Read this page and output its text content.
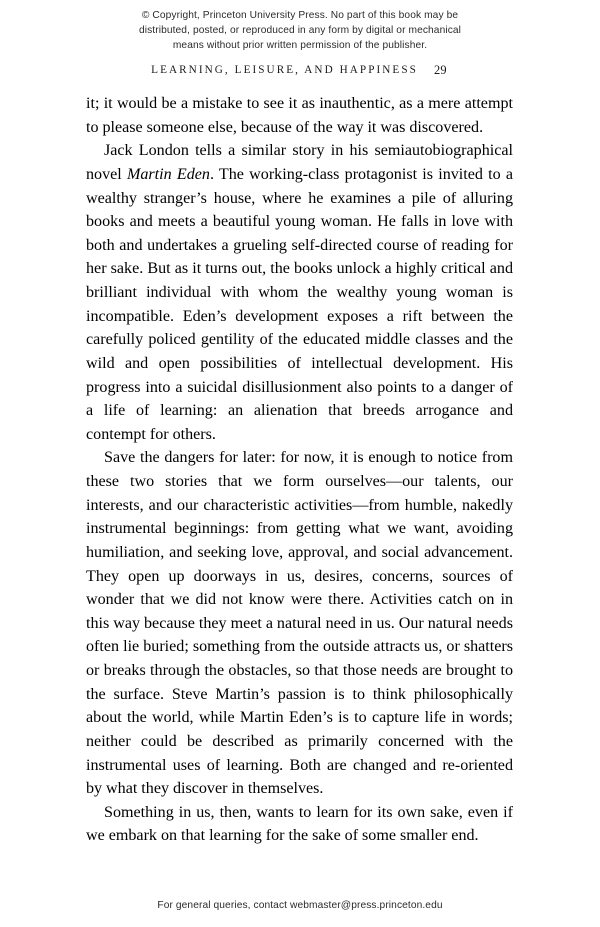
© Copyright, Princeton University Press. No part of this book may be
distributed, posted, or reproduced in any form by digital or mechanical
means without prior written permission of the publisher.
LEARNING, LEISURE, AND HAPPINESS 29

it; it would be a mistake to see it as inauthentic, as a mere attempt to please someone else, because of the way it was discovered.

Jack London tells a similar story in his semiautobiographical novel Martin Eden. The working-class protagonist is invited to a wealthy stranger’s house, where he examines a pile of alluring books and meets a beautiful young woman. He falls in love with both and undertakes a grueling self-directed course of reading for her sake. But as it turns out, the books unlock a highly critical and brilliant individual with whom the wealthy young woman is incompatible. Eden’s development exposes a rift between the carefully policed gentility of the educated middle classes and the wild and open possibilities of intellectual development. His progress into a suicidal disillusionment also points to a danger of a life of learning: an alienation that breeds arrogance and contempt for others.

Save the dangers for later: for now, it is enough to notice from these two stories that we form ourselves—our talents, our interests, and our characteristic activities—from humble, nakedly instrumental beginnings: from getting what we want, avoiding humiliation, and seeking love, approval, and social advancement. They open up doorways in us, desires, concerns, sources of wonder that we did not know were there. Activities catch on in this way because they meet a natural need in us. Our natural needs often lie buried; something from the outside attracts us, or shatters or breaks through the obstacles, so that those needs are brought to the surface. Steve Martin’s passion is to think philosophically about the world, while Martin Eden’s is to capture life in words; neither could be described as primarily concerned with the instrumental uses of learning. Both are changed and re-oriented by what they discover in themselves.

Something in us, then, wants to learn for its own sake, even if we embark on that learning for the sake of some smaller end.

For general queries, contact webmaster@press.princeton.edu
